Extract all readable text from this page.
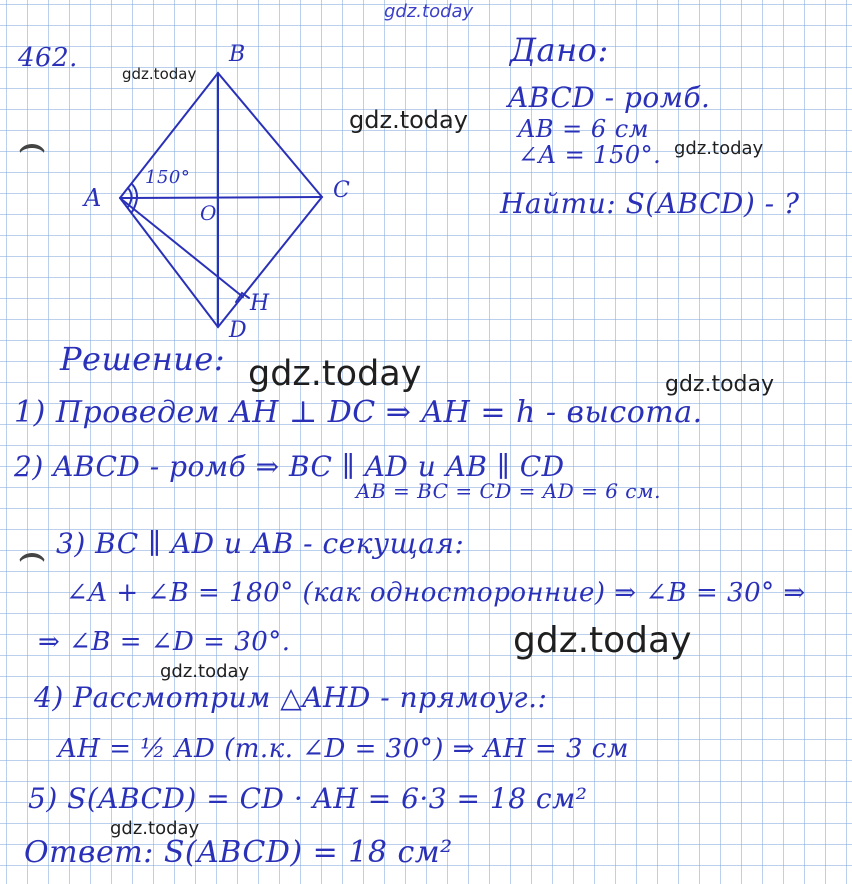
462.	B
A	C
O
D
H
150°
Дано:
ABCD - ромб.
AB = 6 см
∠A = 150°.
Найти: S(ABCD) - ?
Решение:
1) Проведем AH ⊥ DC ⇒ AH = h - высота.
2) ABCD - ромб ⇒ BC ∥ AD и AB ∥ CD
AB = BC = CD = AD = 6 см.
3) BC ∥ AD и AB - секущая:
∠A + ∠B = 180° (как односторонние) ⇒ ∠B = 30° ⇒
⇒ ∠B = ∠D = 30°.
4) Рассмотрим △AHD - прямоуг.:
AH = ½ AD (т.к. ∠D = 30°) ⇒ AH = 3 см
5) S(ABCD) = CD · AH = 6·3 = 18 см²
Ответ: S(ABCD) = 18 см²
gdz.today
gdz.today
gdz.today
gdz.today
gdz.today	gdz.today
gdz.today
gdz.today
gdz.today
